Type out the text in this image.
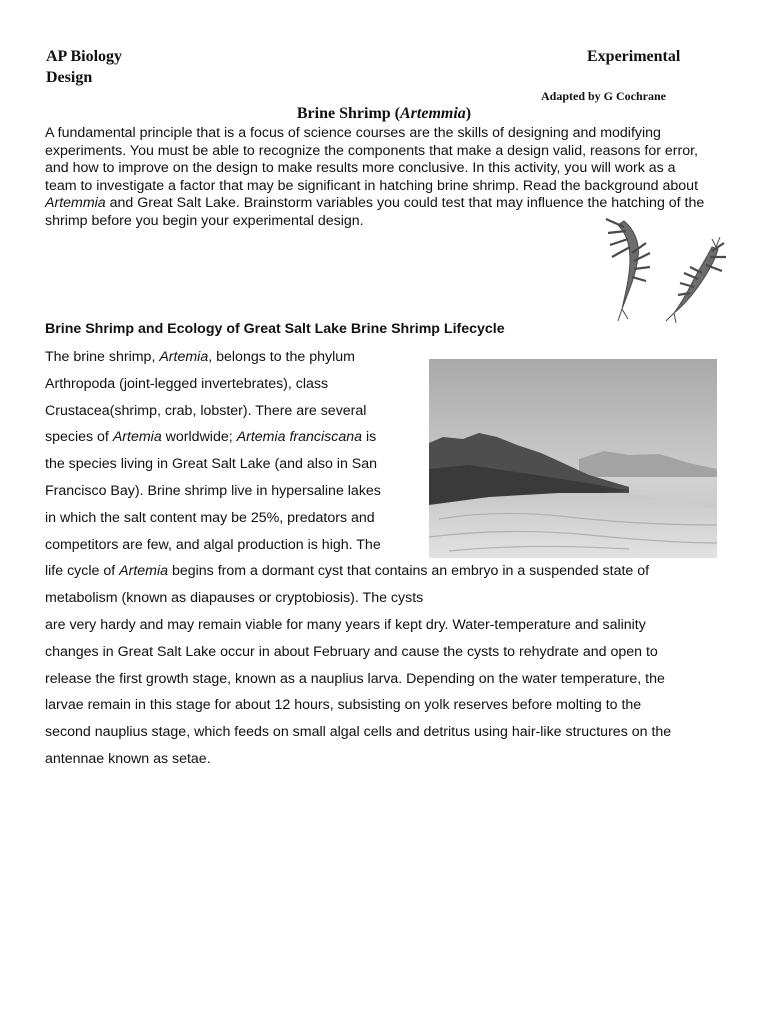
AP Biology
Design
Experimental
Adapted by G Cochrane
Brine Shrimp (Artemmia)
A fundamental principle that is a focus of science courses are the skills of designing and modifying experiments. You must be able to recognize the components that make a design valid, reasons for error, and how to improve on the design to make results more conclusive. In this activity, you will work as a team to investigate a factor that may be significant in hatching brine shrimp. Read the background about Artemmia and Great Salt Lake. Brainstorm variables you could test that may influence the hatching of the shrimp before you begin your experimental design.
Brine Shrimp and Ecology of Great Salt Lake Brine Shrimp Lifecycle
The brine shrimp, Artemia, belongs to the phylum
Arthropoda (joint-legged invertebrates), class
Crustacea(shrimp, crab, lobster). There are several
species of Artemia worldwide; Artemia franciscana is
the species living in Great Salt Lake (and also in San
Francisco Bay). Brine shrimp live in hypersaline lakes
in which the salt content may be 25%, predators and
competitors are few, and algal production is high. The
life cycle of Artemia begins from a dormant cyst that contains an embryo in a suspended state of
metabolism (known as diapauses or cryptobiosis). The cysts
are very hardy and may remain viable for many years if kept dry. Water-temperature and salinity
changes in Great Salt Lake occur in about February and cause the cysts to rehydrate and open to
release the first growth stage, known as a nauplius larva. Depending on the water temperature, the
larvae remain in this stage for about 12 hours, subsisting on yolk reserves before molting to the
second nauplius stage, which feeds on small algal cells and detritus using hair-like structures on the
antennae known as setae.
